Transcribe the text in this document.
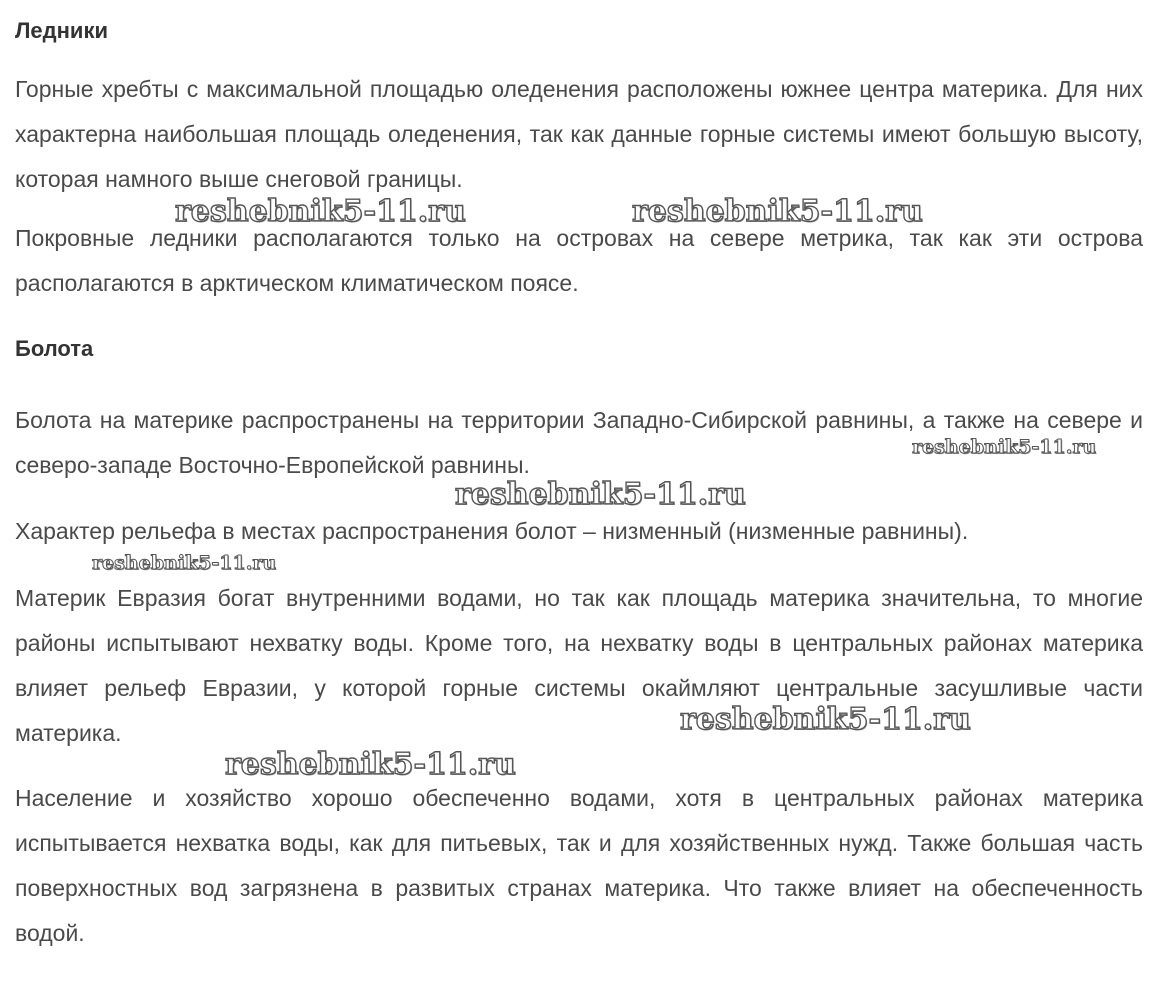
Ледники
Горные хребты с максимальной площадью оледенения расположены южнее центра материка. Для них характерна наибольшая площадь оледенения, так как данные горные системы имеют большую высоту, которая намного выше снеговой границы.
Покровные ледники располагаются только на островах на севере метрика, так как эти острова располагаются в арктическом климатическом поясе.
Болота
Болота на материке распространены на территории Западно-Сибирской равнины, а также на севере и северо-западе Восточно-Европейской равнины.
Характер рельефа в местах распространения болот – низменный (низменные равнины).
Материк Евразия богат внутренними водами, но так как площадь материка значительна, то многие районы испытывают нехватку воды. Кроме того, на нехватку воды в центральных районах материка влияет рельеф Евразии, у которой горные системы окаймляют центральные засушливые части материка.
Население и хозяйство хорошо обеспеченно водами, хотя в центральных районах материка испытывается нехватка воды, как для питьевых, так и для хозяйственных нужд. Также большая часть поверхностных вод загрязнена в развитых странах материка. Что также влияет на обеспеченность водой.
reshebnik5-11.ru	reshebnik5-11.ru
reshebnik5-11.ru
reshebnik5-11.ru
reshebnik5-11.ru
reshebnik5-11.ru
reshebnik5-11.ru
